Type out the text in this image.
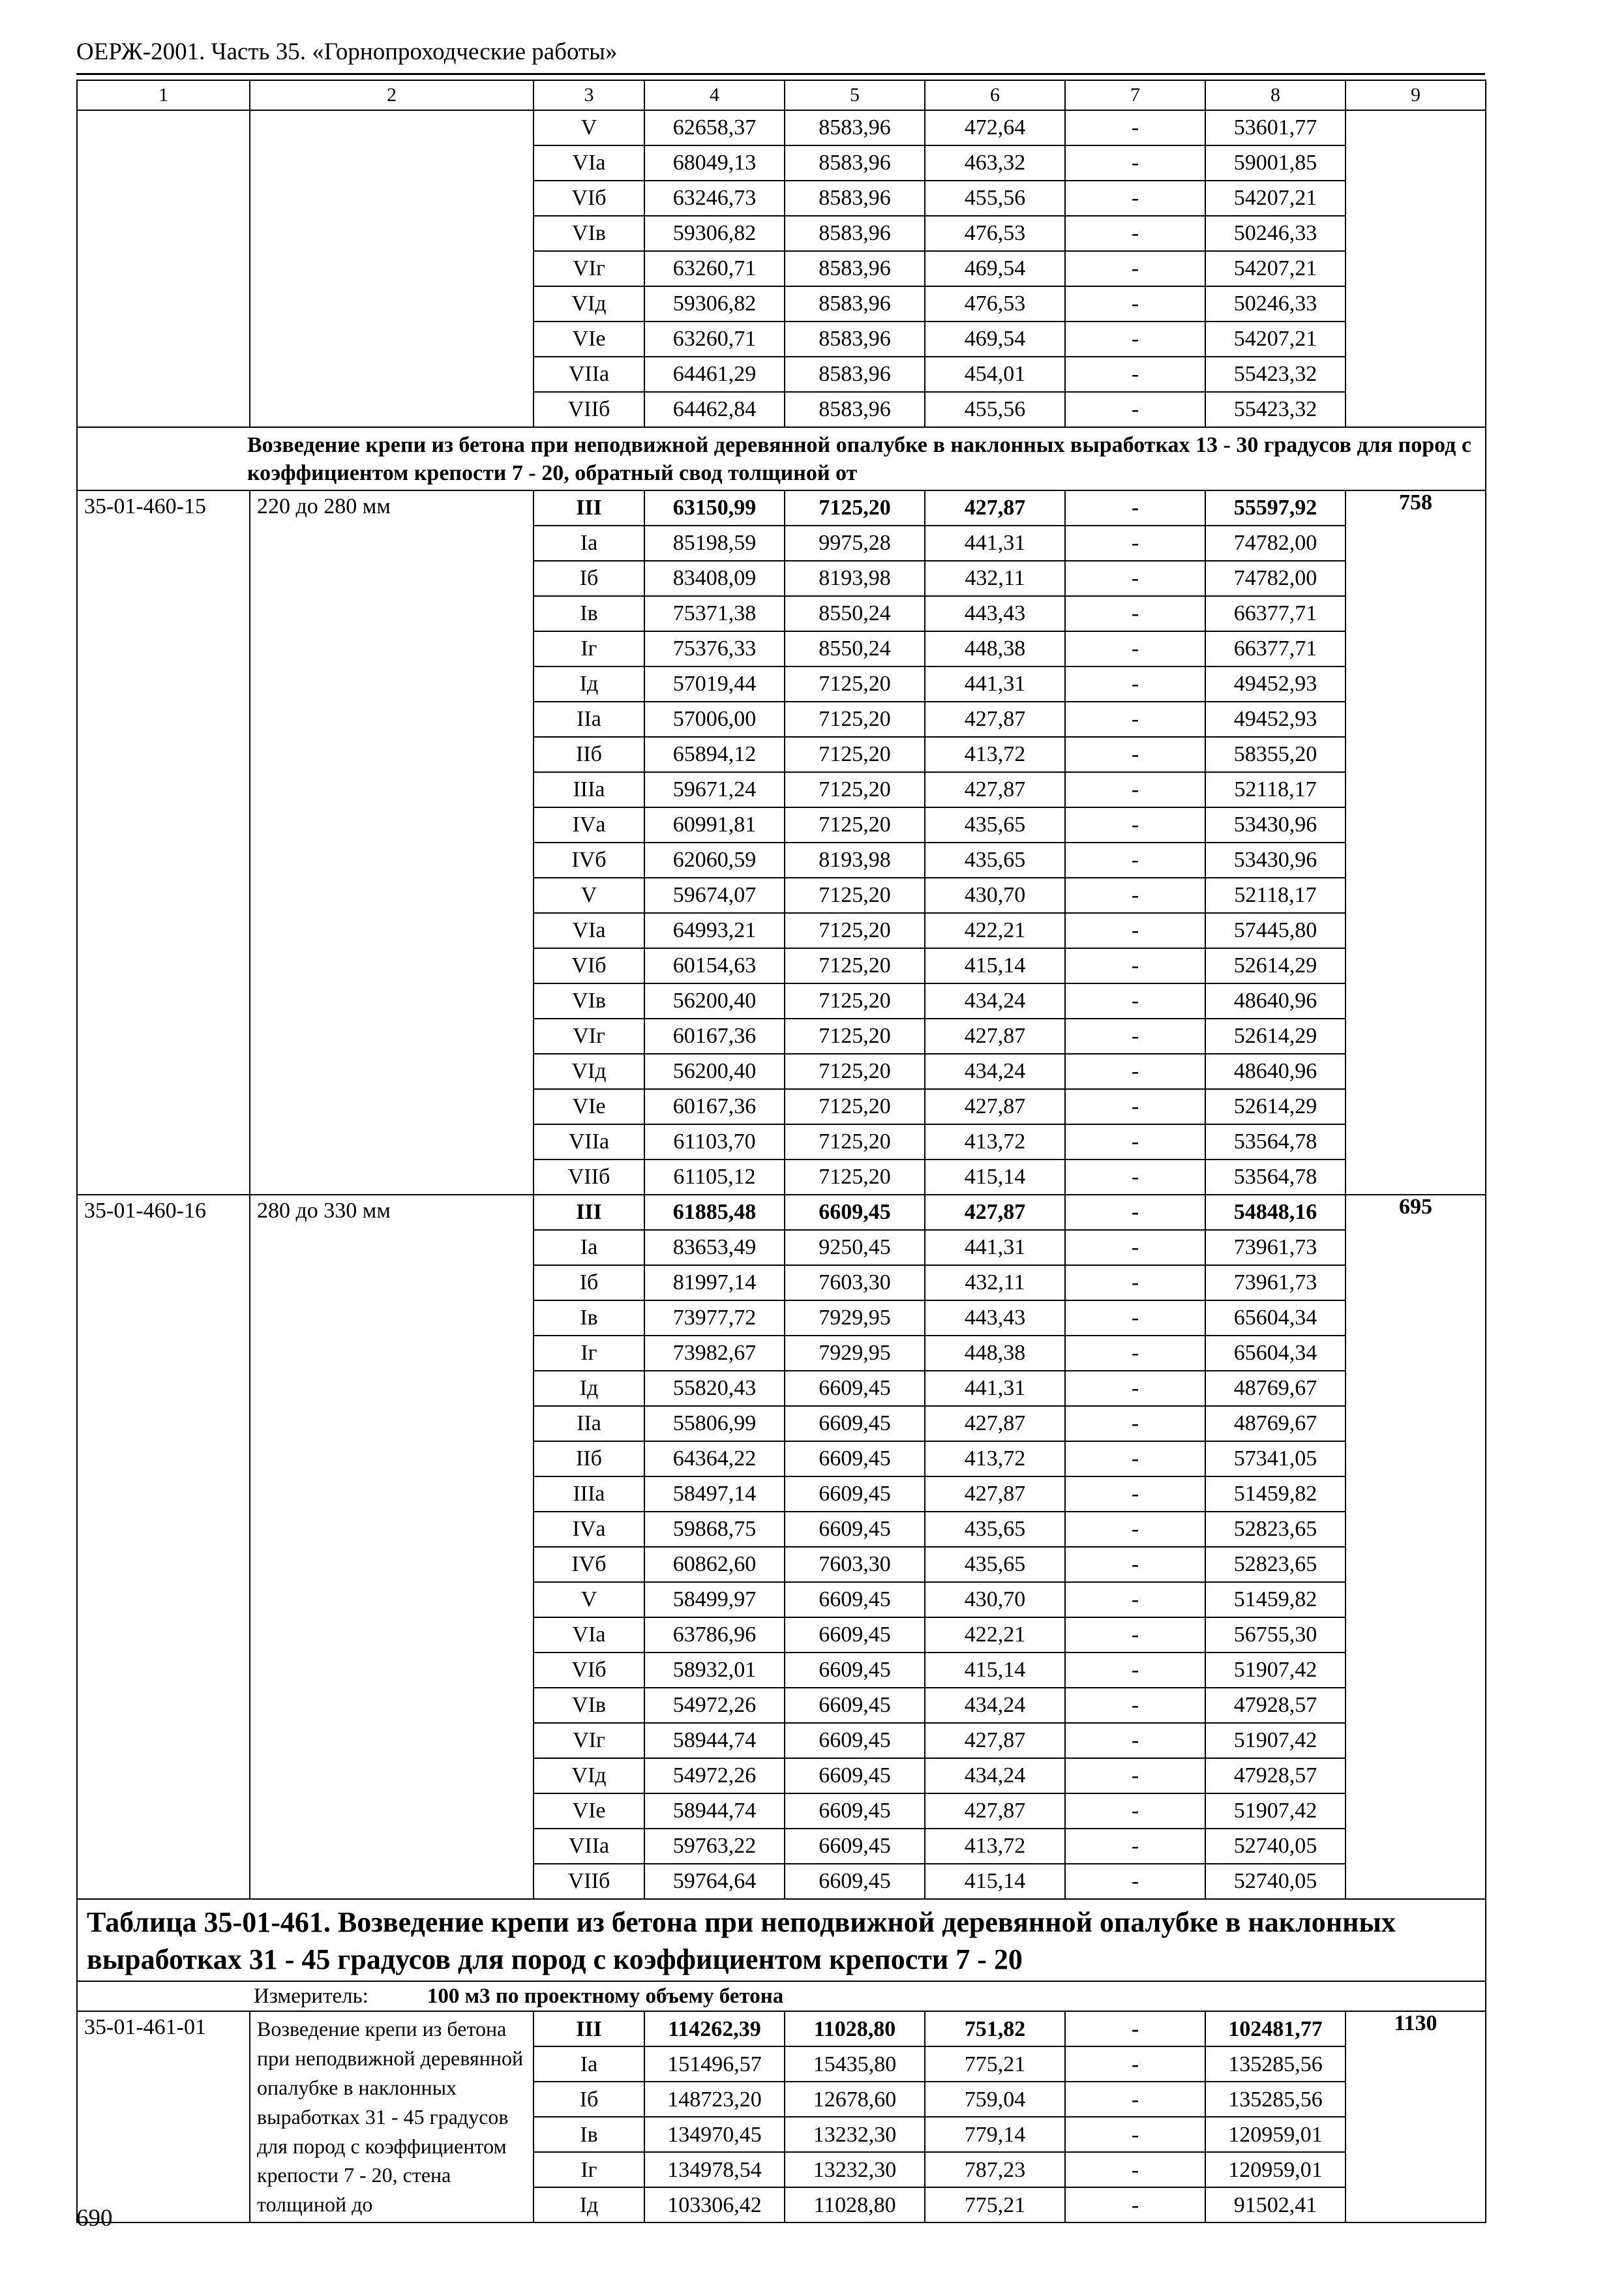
ОЕРЖ-2001. Часть 35. «Горнопроходческие работы»
1	2	3	4	5	6	7	8	9
		V	62658,37	8583,96	472,64	-	53601,77	
		VIа	68049,13	8583,96	463,32	-	59001,85	
		VIб	63246,73	8583,96	455,56	-	54207,21	
		VIв	59306,82	8583,96	476,53	-	50246,33	
		VIг	63260,71	8583,96	469,54	-	54207,21	
		VIд	59306,82	8583,96	476,53	-	50246,33	
		VIе	63260,71	8583,96	469,54	-	54207,21	
		VIIа	64461,29	8583,96	454,01	-	55423,32	
		VIIб	64462,84	8583,96	455,56	-	55423,32	
Возведение крепи из бетона при неподвижной деревянной опалубке в наклонных выработках 13 - 30 градусов для пород с коэффициентом крепости 7 - 20, обратный свод толщиной от								
35-01-460-15	220 до 280 мм	III	63150,99	7125,20	427,87	-	55597,92	758
		Iа	85198,59	9975,28	441,31	-	74782,00	
		Iб	83408,09	8193,98	432,11	-	74782,00	
		Iв	75371,38	8550,24	443,43	-	66377,71	
		Iг	75376,33	8550,24	448,38	-	66377,71	
		Iд	57019,44	7125,20	441,31	-	49452,93	
		IIа	57006,00	7125,20	427,87	-	49452,93	
		IIб	65894,12	7125,20	413,72	-	58355,20	
		IIIа	59671,24	7125,20	427,87	-	52118,17	
		IVа	60991,81	7125,20	435,65	-	53430,96	
		IVб	62060,59	8193,98	435,65	-	53430,96	
		V	59674,07	7125,20	430,70	-	52118,17	
		VIа	64993,21	7125,20	422,21	-	57445,80	
		VIб	60154,63	7125,20	415,14	-	52614,29	
		VIв	56200,40	7125,20	434,24	-	48640,96	
		VIг	60167,36	7125,20	427,87	-	52614,29	
		VIд	56200,40	7125,20	434,24	-	48640,96	
		VIе	60167,36	7125,20	427,87	-	52614,29	
		VIIа	61103,70	7125,20	413,72	-	53564,78	
		VIIб	61105,12	7125,20	415,14	-	53564,78	
35-01-460-16	280 до 330 мм	III	61885,48	6609,45	427,87	-	54848,16	695
		Iа	83653,49	9250,45	441,31	-	73961,73	
		Iб	81997,14	7603,30	432,11	-	73961,73	
		Iв	73977,72	7929,95	443,43	-	65604,34	
		Iг	73982,67	7929,95	448,38	-	65604,34	
		Iд	55820,43	6609,45	441,31	-	48769,67	
		IIа	55806,99	6609,45	427,87	-	48769,67	
		IIб	64364,22	6609,45	413,72	-	57341,05	
		IIIа	58497,14	6609,45	427,87	-	51459,82	
		IVа	59868,75	6609,45	435,65	-	52823,65	
		IVб	60862,60	7603,30	435,65	-	52823,65	
		V	58499,97	6609,45	430,70	-	51459,82	
		VIа	63786,96	6609,45	422,21	-	56755,30	
		VIб	58932,01	6609,45	415,14	-	51907,42	
		VIв	54972,26	6609,45	434,24	-	47928,57	
		VIг	58944,74	6609,45	427,87	-	51907,42	
		VIд	54972,26	6609,45	434,24	-	47928,57	
		VIе	58944,74	6609,45	427,87	-	51907,42	
		VIIа	59763,22	6609,45	413,72	-	52740,05	
		VIIб	59764,64	6609,45	415,14	-	52740,05	
Таблица 35-01-461. Возведение крепи из бетона при неподвижной деревянной опалубке в наклонных выработках 31 - 45 градусов для пород с коэффициентом крепости 7 - 20								
Измеритель: 100 м3 по проектному объему бетона								
35-01-461-01	Возведение крепи из бетона при неподвижной деревянной опалубке в наклонных выработках 31 - 45 градусов для пород с коэффициентом крепости 7 - 20, стена толщиной до	III	114262,39	11028,80	751,82	-	102481,77	1130
		Iа	151496,57	15435,80	775,21	-	135285,56	
		Iб	148723,20	12678,60	759,04	-	135285,56	
		Iв	134970,45	13232,30	779,14	-	120959,01	
		Iг	134978,54	13232,30	787,23	-	120959,01	
		Iд	103306,42	11028,80	775,21	-	91502,41	
690
